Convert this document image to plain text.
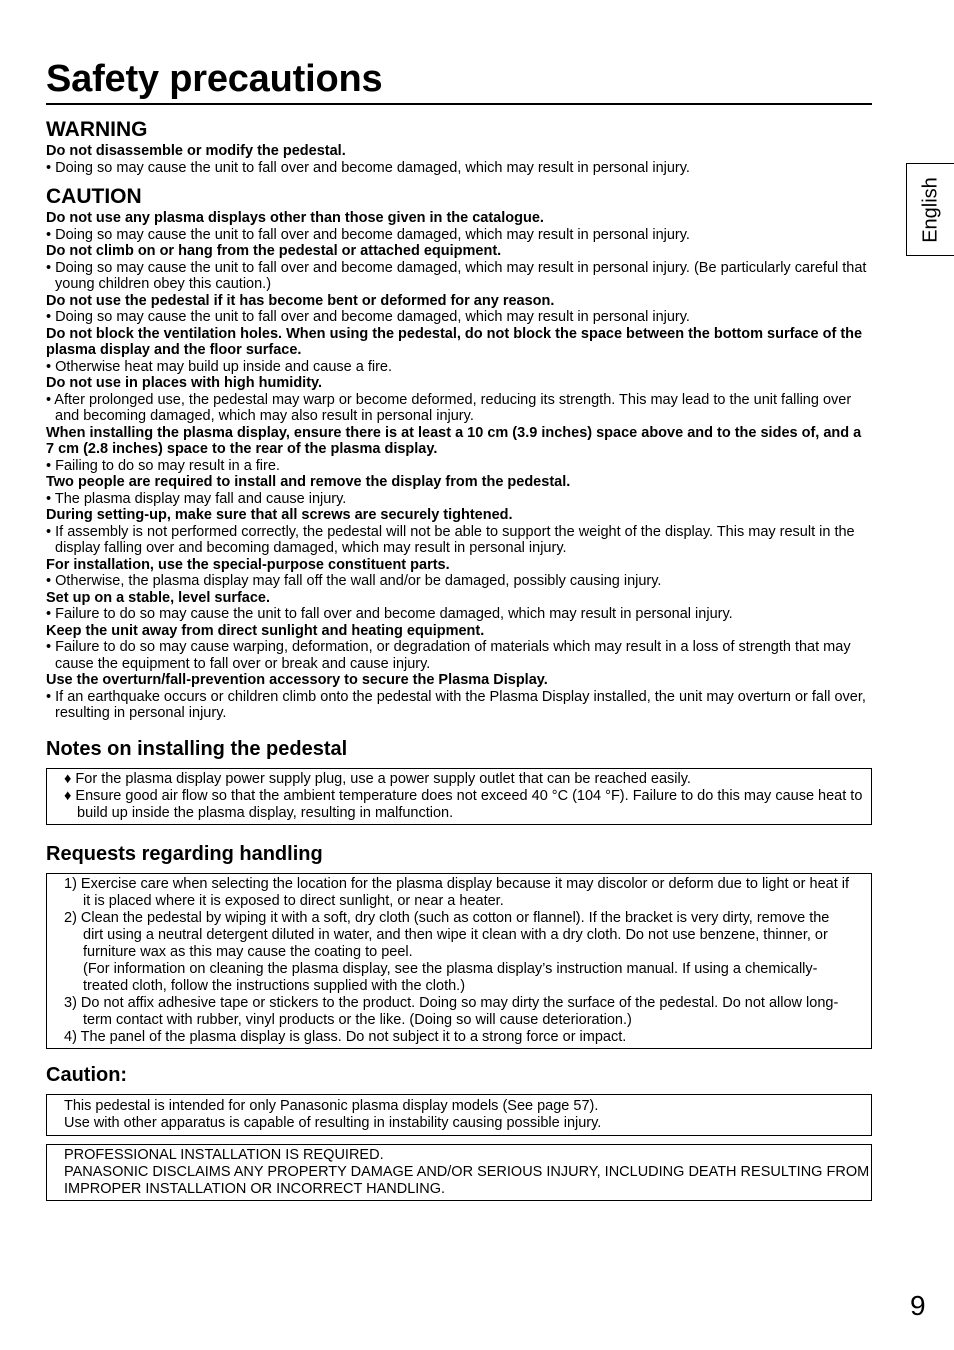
Safety precautions
English
WARNING

Do not disassemble or modify the pedestal.

• Doing so may cause the unit to fall over and become damaged, which may result in personal injury.

CAUTION

Do not use any plasma displays other than those given in the catalogue.

• Doing so may cause the unit to fall over and become damaged, which may result in personal injury.

Do not climb on or hang from the pedestal or attached equipment.

• Doing so may cause the unit to fall over and become damaged, which may result in personal injury. (Be particularly careful that young children obey this caution.)

Do not use the pedestal if it has become bent or deformed for any reason.

• Doing so may cause the unit to fall over and become damaged, which may result in personal injury.

Do not block the ventilation holes. When using the pedestal, do not block the space between the bottom surface of the plasma display and the floor surface.

• Otherwise heat may build up inside and cause a fire.

Do not use in places with high humidity.

• After prolonged use, the pedestal may warp or become deformed, reducing its strength. This may lead to the unit falling over and becoming damaged, which may also result in personal injury.

When installing the plasma display, ensure there is at least a 10 cm (3.9 inches) space above and to the sides of, and a 7 cm (2.8 inches) space to the rear of the plasma display.

• Failing to do so may result in a fire.

Two people are required to install and remove the display from the pedestal.

• The plasma display may fall and cause injury.

During setting-up, make sure that all screws are securely tightened.

• If assembly is not performed correctly, the pedestal will not be able to support the weight of the display. This may result in the display falling over and becoming damaged, which may result in personal injury.

For installation, use the special-purpose constituent parts.

• Otherwise, the plasma display may fall off the wall and/or be damaged, possibly causing injury.

Set up on a stable, level surface.

• Failure to do so may cause the unit to fall over and become damaged, which may result in personal injury.

Keep the unit away from direct sunlight and heating equipment.

• Failure to do so may cause warping, deformation, or degradation of materials which may result in a loss of strength that may cause the equipment to fall over or break and cause injury.

Use the overturn/fall-prevention accessory to secure the Plasma Display.

• If an earthquake occurs or children climb onto the pedestal with the Plasma Display installed, the unit may overturn or fall over, resulting in personal injury.

Notes on installing the pedestal
♦ For the plasma display power supply plug, use a power supply outlet that can be reached easily.
♦ Ensure good air flow so that the ambient temperature does not exceed 40 °C (104 °F). Failure to do this may cause heat to build up inside the plasma display, resulting in malfunction.
Requests regarding handling
1) Exercise care when selecting the location for the plasma display because it may discolor or deform due to light or heat if it is placed where it is exposed to direct sunlight, or near a heater.
2) Clean the pedestal by wiping it with a soft, dry cloth (such as cotton or flannel). If the bracket is very dirty, remove the dirt using a neutral detergent diluted in water, and then wipe it clean with a dry cloth. Do not use benzene, thinner, or furniture wax as this may cause the coating to peel.
(For information on cleaning the plasma display, see the plasma display’s instruction manual. If using a chemically-treated cloth, follow the instructions supplied with the cloth.)
3) Do not affix adhesive tape or stickers to the product. Doing so may dirty the surface of the pedestal. Do not allow long-term contact with rubber, vinyl products or the like. (Doing so will cause deterioration.)
4) The panel of the plasma display is glass. Do not subject it to a strong force or impact.
Caution:
This pedestal is intended for only Panasonic plasma display models (See page 57).
Use with other apparatus is capable of resulting in instability causing possible injury.
PROFESSIONAL INSTALLATION IS REQUIRED.
PANASONIC DISCLAIMS ANY PROPERTY DAMAGE AND/OR SERIOUS INJURY, INCLUDING DEATH RESULTING FROM IMPROPER INSTALLATION OR INCORRECT HANDLING.
9
